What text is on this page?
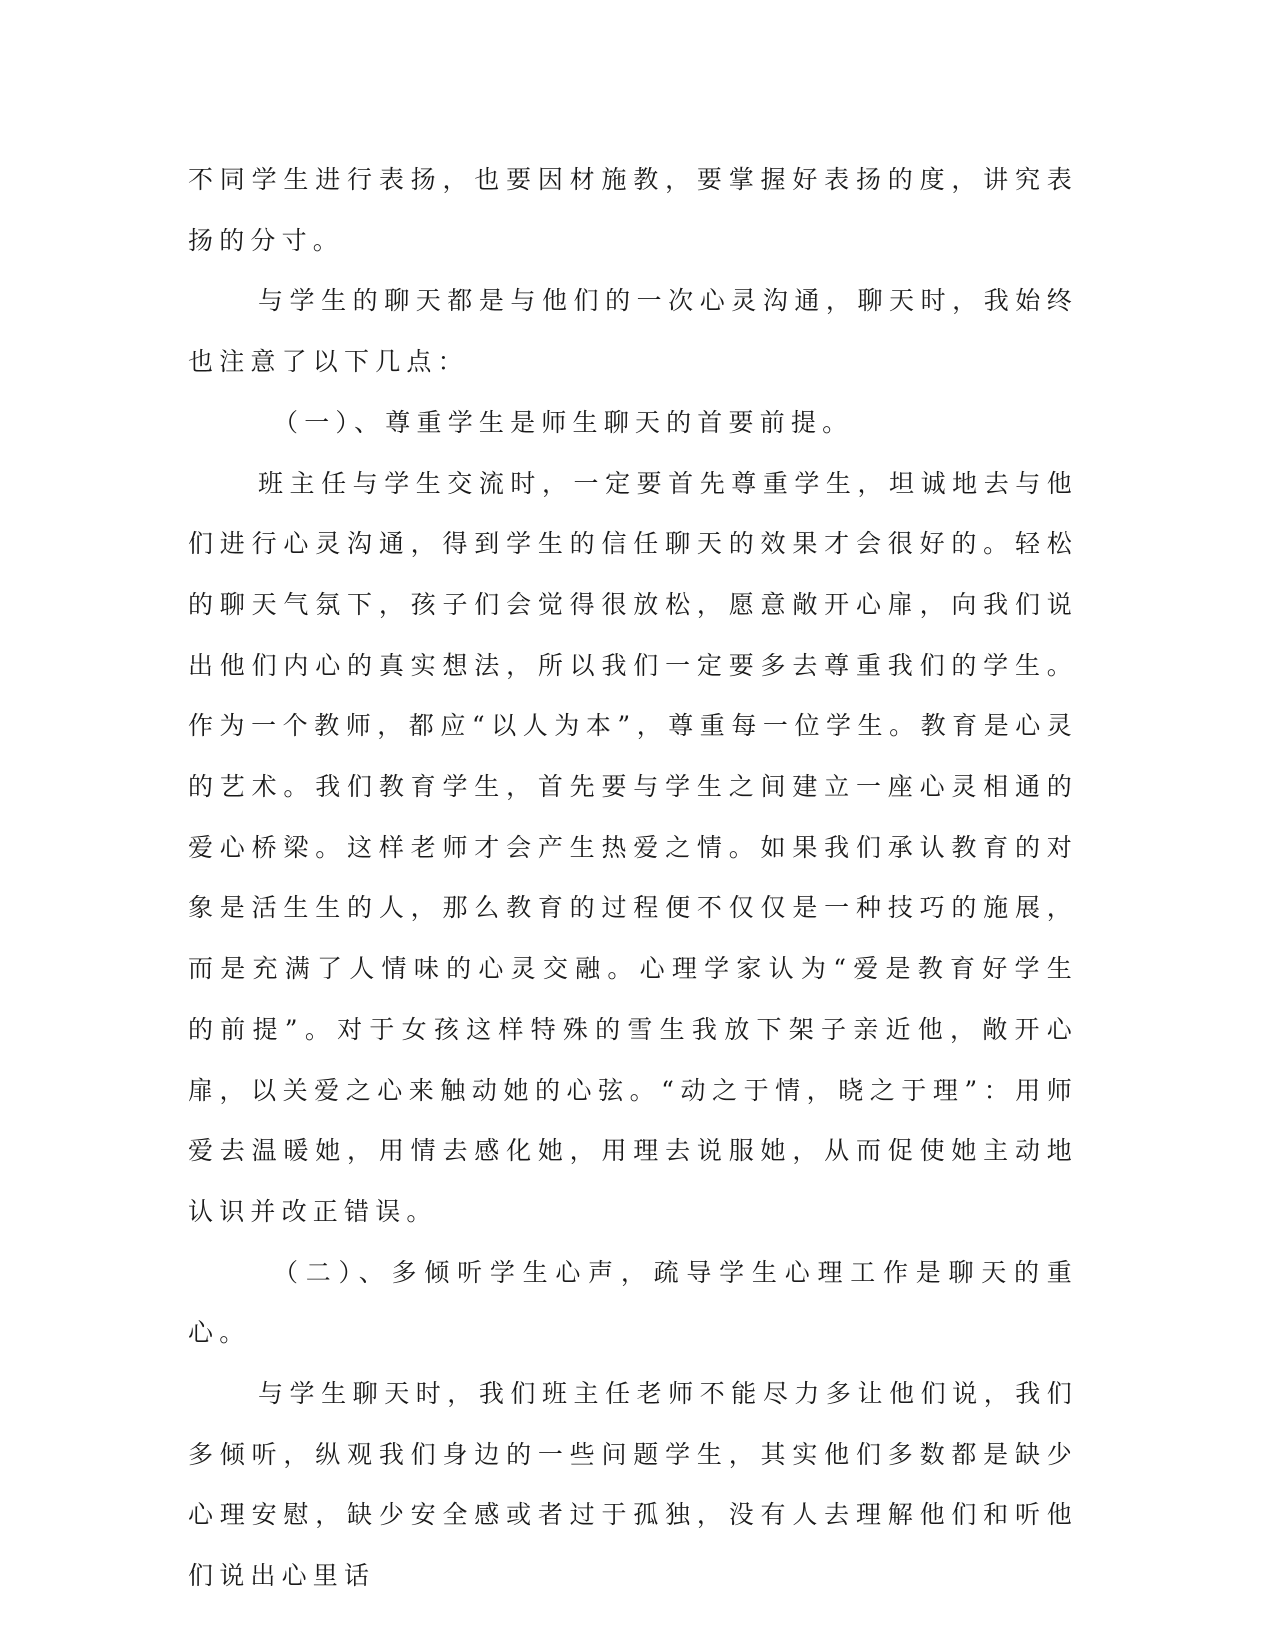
不同学生进行表扬，也要因材施教，要掌握好表扬的度，讲究表扬的分寸。

与学生的聊天都是与他们的一次心灵沟通，聊天时，我始终也注意了以下几点：

（一）、尊重学生是师生聊天的首要前提。

班主任与学生交流时，一定要首先尊重学生，坦诚地去与他们进行心灵沟通，得到学生的信任聊天的效果才会很好的。轻松的聊天气氛下，孩子们会觉得很放松，愿意敞开心扉，向我们说出他们内心的真实想法，所以我们一定要多去尊重我们的学生。作为一个教师，都应“以人为本”，尊重每一位学生。教育是心灵的艺术。我们教育学生，首先要与学生之间建立一座心灵相通的爱心桥梁。这样老师才会产生热爱之情。如果我们承认教育的对象是活生生的人，那么教育的过程便不仅仅是一种技巧的施展，而是充满了人情味的心灵交融。心理学家认为“爱是教育好学生的前提”。对于女孩这样特殊的雪生我放下架子亲近他，敞开心扉，以关爱之心来触动她的心弦。“动之于情，晓之于理”：用师爱去温暖她，用情去感化她，用理去说服她，从而促使她主动地认识并改正错误。

（二）、多倾听学生心声，疏导学生心理工作是聊天的重心。

与学生聊天时，我们班主任老师不能尽力多让他们说，我们多倾听，纵观我们身边的一些问题学生，其实他们多数都是缺少心理安慰，缺少安全感或者过于孤独，没有人去理解他们和听他们说出心里话
